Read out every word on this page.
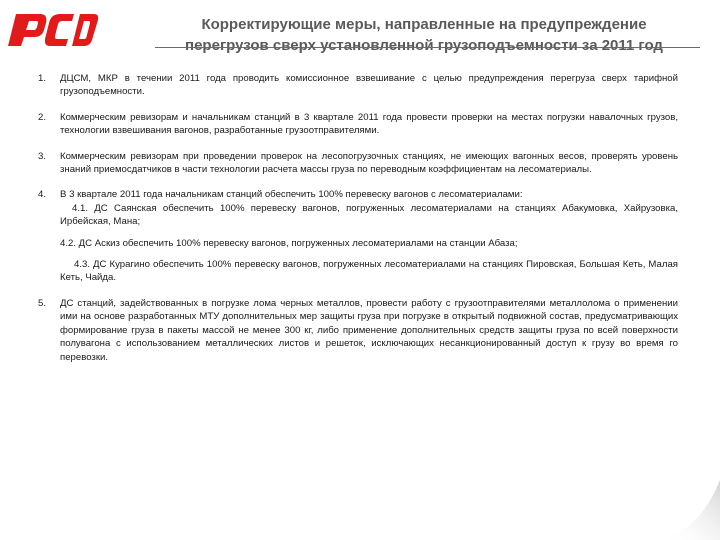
Корректирующие меры, направленные на предупреждение
перегрузов сверх установленной грузоподъемности за 2011 год
1. ДЦСМ, МКР в течении 2011 года проводить комиссионное взвешивание с целью предупреждения перегруза сверх тарифной грузоподъемности.
2. Коммерческим ревизорам и начальникам станций в 3 квартале 2011 года провести проверки на местах погрузки навалочных грузов, технологии взвешивания вагонов, разработанные грузоотправителями.
3. Коммерческим ревизорам при проведении проверок на лесопогрузочных станциях, не имеющих вагонных весов, проверять уровень знаний приемосдатчиков в части технологии расчета массы груза по переводным коэффициентам на лесоматериалы.
4. В 3 квартале 2011 года начальникам станций обеспечить 100% перевеску вагонов с лесоматериалами:
4.1. ДС Саянская обеспечить 100% перевеску вагонов, погруженных лесоматериалами на станциях Абакумовка, Хайрузовка, Ирбейская, Мана;
4.2. ДС Аскиз обеспечить 100% перевеску вагонов, погруженных лесоматериалами на станции Абаза;
4.3. ДС Курагино обеспечить 100% перевеску вагонов, погруженных лесоматериалами на станциях Пировская, Большая Кеть, Малая Кеть, Чайда.
5. ДС станций, задействованных в погрузке лома черных металлов, провести работу с грузоотправителями металлолома о применении ими на основе разработанных МТУ дополнительных мер защиты груза при погрузке в открытый подвижной состав, предусматривающих формирование груза в пакеты массой не менее 300 кг, либо применение дополнительных средств защиты груза по всей поверхности полувагона с использованием металлических листов и решеток, исключающих несанкционированный доступ к грузу во время го перевозки.
